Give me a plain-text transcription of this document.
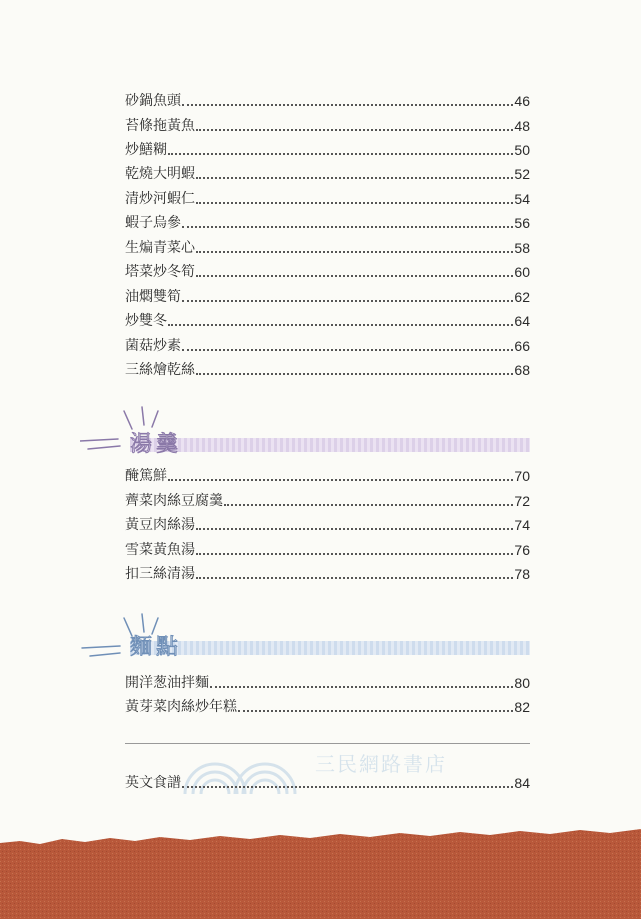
砂鍋魚頭	46
苔條拖黃魚	48
炒鱔糊	50
乾燒大明蝦	52
清炒河蝦仁	54
蝦子烏參	56
生煸青菜心	58
塔菜炒冬筍	60
油燜雙筍	62
炒雙冬	64
菌菇炒素	66
三絲燴乾絲	68
湯羹
醃篤鮮	70
薺菜肉絲豆腐羹	72
黃豆肉絲湯	74
雪菜黃魚湯	76
扣三絲清湯	78
麵點
開洋葱油拌麵	80
黃芽菜肉絲炒年糕	82
三民網路書店
英文食譜	84
